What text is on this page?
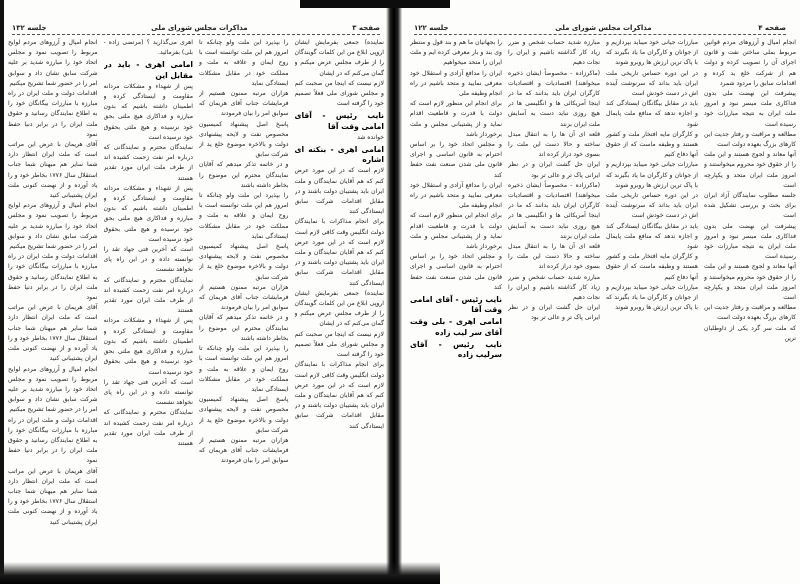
صفحه ۳
مذاکرات مجلس شورای ملی
جلسه ۱۳۲

نماینده) جمعی بفرمایش ایشان اروپی ابلاغ من این کلمات گویندگان را از طرف مجلس عرض میکنم و گمان می‌کنم که در ایشان

لازم نیست که اینجا من صحبت کنم و مجلس شورای ملی فعلاً تصمیم خود را گرفته است

نایب رئیس - آقای امامی وقت آقا

خوانده شد

امامی اهری - بنکته ای اشاره

لازم است که در این مورد عرض کنم که هم آقایان نمایندگان و ملت ایران باید پشتیبان دولت باشند و در مقابل اقدامات شرکت سابق ایستادگی کنند

برای انجام مذاکرات با نمایندگان دولت انگلیس وقت کافی لازم است

لازم است که در این مورد عرض کنم که هم آقایان نمایندگان و ملت ایران باید پشتیبان دولت باشند و در مقابل اقدامات شرکت سابق ایستادگی کنند

نماینده) جمعی بفرمایش ایشان اروپی ابلاغ من این کلمات گویندگان را از طرف مجلس عرض میکنم و گمان می‌کنم که در ایشان

لازم نیست که اینجا من صحبت کنم و مجلس شورای ملی فعلاً تصمیم خود را گرفته است

برای انجام مذاکرات با نمایندگان دولت انگلیس وقت کافی لازم است

لازم است که در این مورد عرض کنم که هم آقایان نمایندگان و ملت ایران باید پشتیبان دولت باشند و در مقابل اقدامات شرکت سابق ایستادگی کنند

را بپذیرد این ملت ولو چنانکه تا امروز هم این ملت توانسته است با روح ایمان و علاقه به ملت و مملکت خود در مقابل مشکلات ایستادگی نماید

هزاران مرتبه ممنون هستیم از فرمایشات جناب آقای هریمان که سوابق امر را بیان فرمودند

پاسخ اصل پیشنهاد کمیسیون مخصوص نفت و لایحه پیشنهادی دولت و بالاخره موضوع خلع ید از شرکت سابق

و در خاتمه تذکر میدهم که آقایان نمایندگان محترم این موضوع را بخاطر داشته باشند

را بپذیرد این ملت ولو چنانکه تا امروز هم این ملت توانسته است با روح ایمان و علاقه به ملت و مملکت خود در مقابل مشکلات ایستادگی نماید

پاسخ اصل پیشنهاد کمیسیون مخصوص نفت و لایحه پیشنهادی دولت و بالاخره موضوع خلع ید از شرکت سابق

هزاران مرتبه ممنون هستیم از فرمایشات جناب آقای هریمان که سوابق امر را بیان فرمودند

و در خاتمه تذکر میدهم که آقایان نمایندگان محترم این موضوع را بخاطر داشته باشند

را بپذیرد این ملت ولو چنانکه تا امروز هم این ملت توانسته است با روح ایمان و علاقه به ملت و مملکت خود در مقابل مشکلات ایستادگی نماید

پاسخ اصل پیشنهاد کمیسیون مخصوص نفت و لایحه پیشنهادی دولت و بالاخره موضوع خلع ید از شرکت سابق

هزاران مرتبه ممنون هستیم از فرمایشات جناب آقای هریمان که سوابق امر را بیان فرمودند

اهری می‌گذارید ؟ (مرتضی زاده - بلی) بفرمائید.

امامی اهری - باید در مقابل این

پس از شهداء و مشکلات مردانه مقاومت و ایستادگی کرده و اطمینان داشته باشیم که بدون مبارزه و فداکاری هیچ ملتی بحق خود نرسیده و هیچ ملتی بحقوق خود نرسیده است

نمایندگان محترم و نمایندگانی که درباره امر نفت زحمت کشیده اند از طرف ملت ایران مورد تقدیر هستند

پس از شهداء و مشکلات مردانه مقاومت و ایستادگی کرده و اطمینان داشته باشیم که بدون مبارزه و فداکاری هیچ ملتی بحق خود نرسیده و هیچ ملتی بحقوق خود نرسیده است

است که آخرین فتی جهاد تقد را توانسته داده و در این راه پای نخواهد نشست

نمایندگان محترم و نمایندگانی که درباره امر نفت زحمت کشیده اند از طرف ملت ایران مورد تقدیر هستند

پس از شهداء و مشکلات مردانه مقاومت و ایستادگی کرده و اطمینان داشته باشیم که بدون مبارزه و فداکاری هیچ ملتی بحق خود نرسیده و هیچ ملتی بحقوق خود نرسیده است

است که آخرین فتی جهاد تقد را توانسته داده و در این راه پای نخواهد نشست

نمایندگان محترم و نمایندگانی که درباره امر نفت زحمت کشیده اند از طرف ملت ایران مورد تقدیر هستند

انجام امیال و آرزوهای مردم لوایح مربوط را تصویب نمود و مجلس اتحاد خود را مبارزه شدید بر علیه شرکت سابق نشان داد و سوابق امر را در حضور شما تشریح میکنیم

اقدامات دولت و ملت ایران در راه مبارزه با مبارزات بیگانگان خود را به اطلاع نمایندگان رسانید و حقوق ملت ایران را در برابر دنیا حفظ نمود

آقای هریمان با عرض این مراتب است که ملت ایران انتظار دارد شما سایر هم میهنان شما جناب استقلال سال ۱۷۷۶ بخاطر خود و را یاد آورده و از نهضت کنونی ملت ایران پشتیبانی کنید

انجام امیال و آرزوهای مردم لوایح مربوط را تصویب نمود و مجلس اتحاد خود را مبارزه شدید بر علیه شرکت سابق نشان داد و سوابق امر را در حضور شما تشریح میکنیم

اقدامات دولت و ملت ایران در راه مبارزه با مبارزات بیگانگان خود را به اطلاع نمایندگان رسانید و حقوق ملت ایران را در برابر دنیا حفظ نمود

آقای هریمان با عرض این مراتب است که ملت ایران انتظار دارد شما سایر هم میهنان شما جناب استقلال سال ۱۷۷۶ بخاطر خود و را یاد آورده و از نهضت کنونی ملت ایران پشتیبانی کنید

انجام امیال و آرزوهای مردم لوایح مربوط را تصویب نمود و مجلس اتحاد خود را مبارزه شدید بر علیه شرکت سابق نشان داد و سوابق امر را در حضور شما تشریح میکنیم

اقدامات دولت و ملت ایران در راه مبارزه با مبارزات بیگانگان خود را به اطلاع نمایندگان رسانید و حقوق ملت ایران را در برابر دنیا حفظ نمود

آقای هریمان با عرض این مراتب است که ملت ایران انتظار دارد شما سایر هم میهنان شما جناب استقلال سال ۱۷۷۶ بخاطر خود و را یاد آورده و از نهضت کنونی ملت ایران پشتیبانی کنید

صفحه ۴
مذاکرات مجلس شورای ملی
جلسه ۱۲۲

انجام امیال و آرزوهای مردم قوانین مربوط بملی ساختن نفت و قانون اجرای آن را تصویب کرده و دولت هم از شرکت خلع ید کرده و اقدامات سابق را مردود شمرد

پیشرفت این نهضت ملی بدون فداکاری ملت میسر نبود و امروز ملت ایران به نتیجه مبارزات خود رسیده است

مطالعه و مراقبت و رفتار جدیت این کارهای بزرگ بعهده دولت است

آنها معاند و لجوج هستند و این ملت را از حقوق خود محروم میخواستند و امروز ملت ایران متحد و یکپارچه است

جلسه مطلوب نمایندگان آزاد ایران برای بحث و بررسی تشکیل شده است

پیشرفت این نهضت ملی بدون فداکاری ملت میسر نبود و امروز ملت ایران به نتیجه مبارزات خود رسیده است

آنها معاند و لجوج هستند و این ملت را از حقوق خود محروم میخواستند و امروز ملت ایران متحد و یکپارچه است

مطالعه و مراقبت و رفتار جدیت این کارهای بزرگ بعهده دولت است

که ملت سر گرد یکی از داوطلبان ترین

مبارزات جیانی خود میباید بپردازیم و از جوانان و کارگران ما یاد بگیرند که با پاک ترین ارزش ها روبرو شوند

در این دوره حساس تاریخی ملت ایران باید بداند که سرنوشت آینده اش در دست خودش است

باید در مقابل بیگانگان ایستادگی کند و اجازه ندهد که منافع ملت پایمال شود

و کارگران مایه افتخار ملت و کشور هستند و وظیفه ماست که از حقوق آنها دفاع کنیم

مبارزات جیانی خود میباید بپردازیم و از جوانان و کارگران ما یاد بگیرند که با پاک ترین ارزش ها روبرو شوند

در این دوره حساس تاریخی ملت ایران باید بداند که سرنوشت آینده اش در دست خودش است

باید در مقابل بیگانگان ایستادگی کند و اجازه ندهد که منافع ملت پایمال شود

و کارگران مایه افتخار ملت و کشور هستند و وظیفه ماست که از حقوق آنها دفاع کنیم

مبارزات جیانی خود میباید بپردازیم و از جوانان و کارگران ما یاد بگیرند که با پاک ترین ارزش ها روبرو شوند

مبارزه شدید حساب شخص و ضرر زیاد کار گذاشته باشیم و ایران را نجات دهیم

(ماکرزاده - مخصوصاً ایشان ذخیره میخواهند) اقتصادیات و اقتصادیات کارگران ایران باید بدانند که ما در اینجا آمریکائی ها و انگلیسی ها در هیچ روزی نباید دست به آسایش ملت ایران بزنند

قلعه ای آن ها را به انتقال مبدل ساخته و حالا دست این ملت را بسوی خود دراز کرده اند

ایران حل گشت ایران و در نظر ایرانی پاک تر و عالی تر بود

(ماکرزاده - مخصوصاً ایشان ذخیره میخواهند) اقتصادیات و اقتصادیات کارگران ایران باید بدانند که ما در اینجا آمریکائی ها و انگلیسی ها در هیچ روزی نباید دست به آسایش ملت ایران بزنند

قلعه ای آن ها را به انتقال مبدل ساخته و حالا دست این ملت را بسوی خود دراز کرده اند

مبارزه شدید حساب شخص و ضرر زیاد کار گذاشته باشیم و ایران را نجات دهیم

ایران حل گشت ایران و در نظر ایرانی پاک تر و عالی تر بود

را بجهانیان ما هم و بند قول و منتظر وی بند و بار معرفی کرده ایم و ملت ایران را متحد میخواهیم

ایران را مدافع آزادی و استقلال خود معرفی نمایید و متحد باشیم در راه انجام وظیفه ملی

برای انجام این منظور لازم است که دولت با قدرت و قاطعیت اقدام نماید و از پشتیبانی مجلس و ملت برخوردار باشد

و مجلس اتحاد خود را بر اساس احترام به قانون اساسی و اجرای قانون ملی شدن صنعت نفت حفظ کند

ایران را مدافع آزادی و استقلال خود معرفی نمایید و متحد باشیم در راه انجام وظیفه ملی

برای انجام این منظور لازم است که دولت با قدرت و قاطعیت اقدام نماید و از پشتیبانی مجلس و ملت برخوردار باشد

و مجلس اتحاد خود را بر اساس احترام به قانون اساسی و اجرای قانون ملی شدن صنعت نفت حفظ کند

نایب رئیس - آقای امامی وقت آقا
امامی اهری - بلی وقت آقای سر لیب زاده
نایب رئیس - آقای سرلیب زاده
